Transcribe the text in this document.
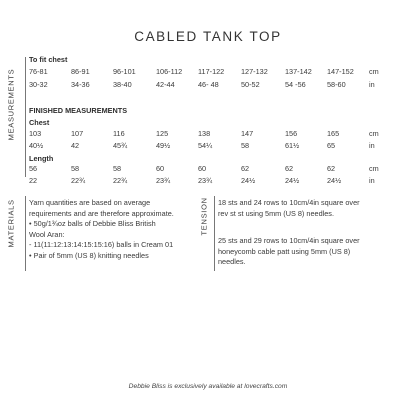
CABLED TANK TOP
MEASUREMENTS
MATERIALS	TENSION
To fit chest
76-81	86-91	96-101	106-112 117-122 127-132 137-142 147-152 cm
30-32	34-36	38-40	42-44	46- 48	50-52	54 -56	58-60	in
FINISHED MEASUREMENTS
Chest
103	107	116	125	138	147	156	165	cm
40½	42	45¾	49½	54¼	58	61½	65	in
Length
56	58	58	60	60	62	62	62	cm
22	22¾	22¾	23¾	23¾	24½	24½	24½	in
Yarn quantities are based on average
requirements and are therefore approximate.
• 50g/1¾oz balls of Debbie Bliss British
Wool Aran:
- 11(11:12:13:14:15:15:16) balls in Cream 01
• Pair of 5mm (US 8) knitting needles
18 sts and 24 rows to 10cm/4in square over
rev st st using 5mm (US 8) needles.
25 sts and 29 rows to 10cm/4in square over
honeycomb cable patt using 5mm (US 8)
needles.
Debbie Bliss is exclusively available at lovecrafts.com
